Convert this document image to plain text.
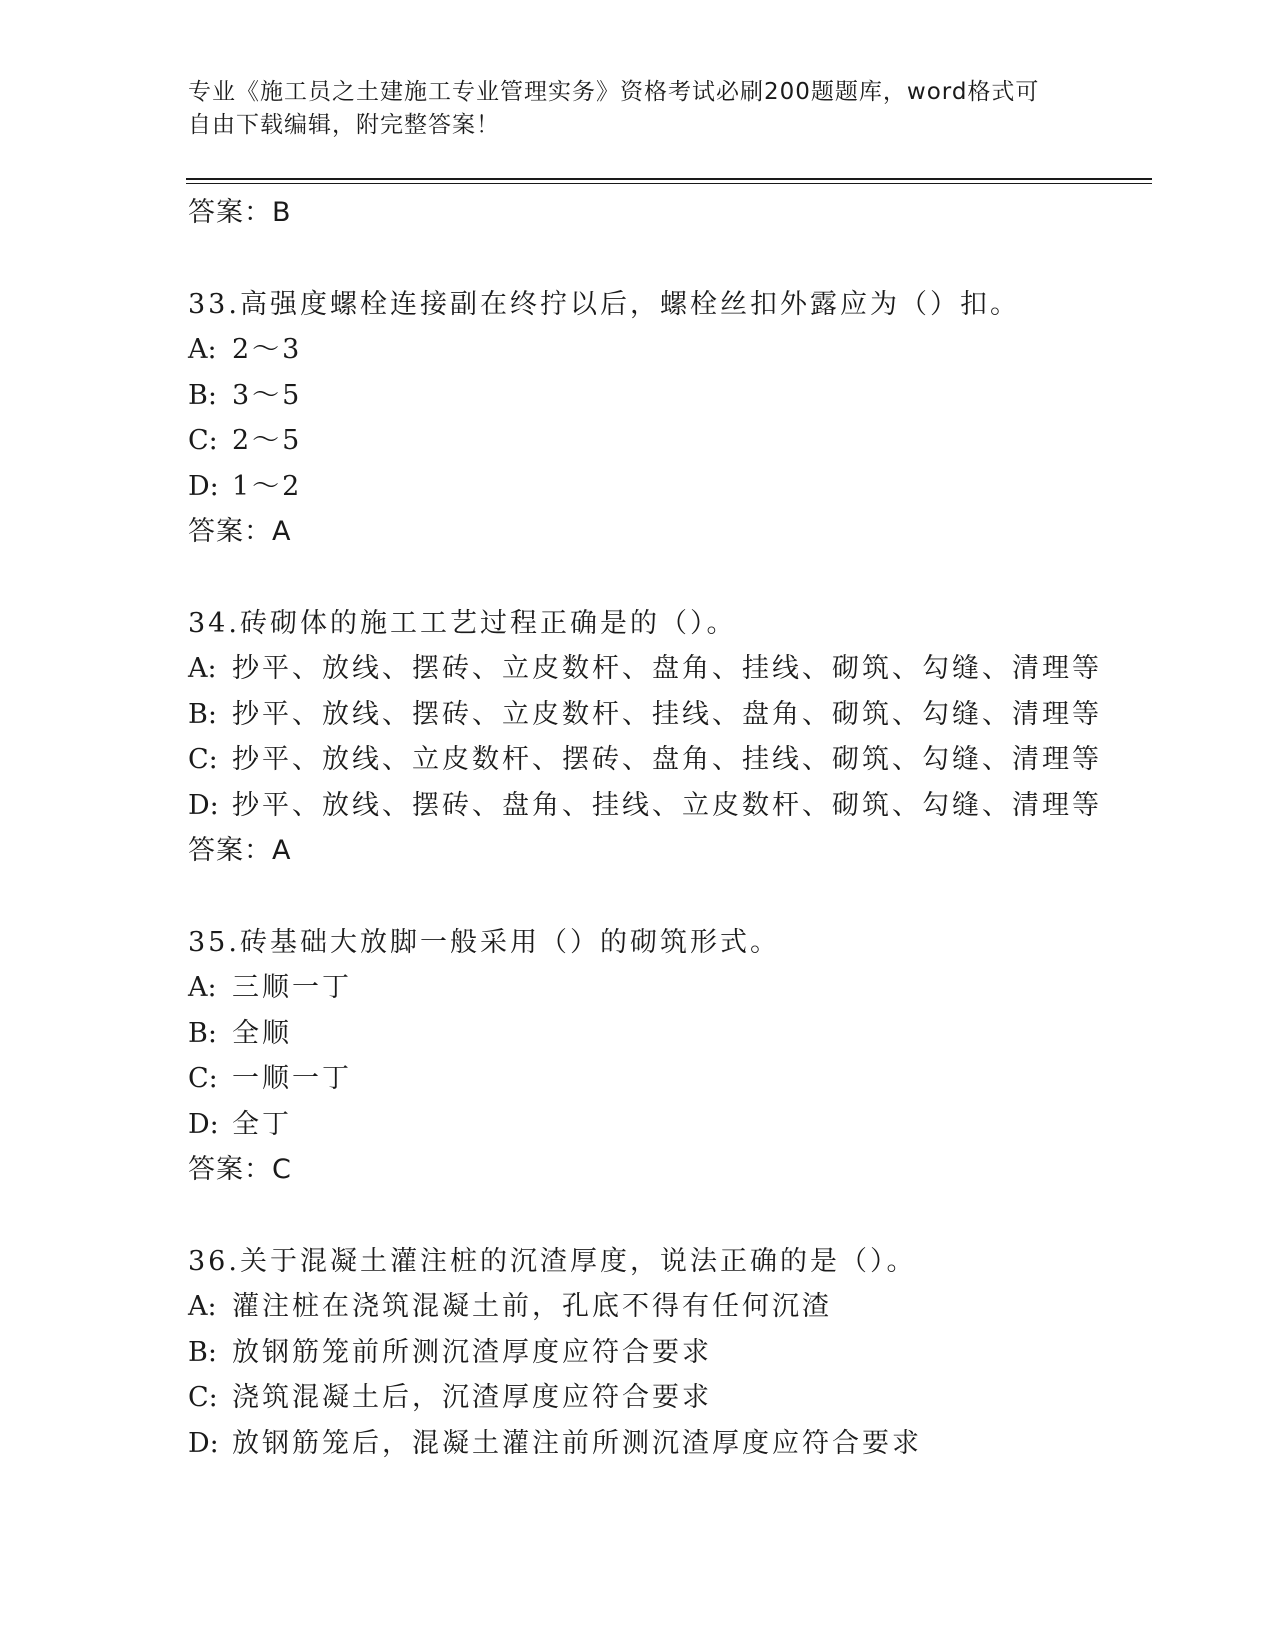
专业《施工员之土建施工专业管理实务》资格考试必刷200题题库，word格式可
自由下载编辑，附完整答案！
答案：B
33.高强度螺栓连接副在终拧以后，螺栓丝扣外露应为（）扣。
A: 2～3
B: 3～5
C: 2～5
D: 1～2
答案：A
34.砖砌体的施工工艺过程正确是的（）。
A: 抄平、放线、摆砖、立皮数杆、盘角、挂线、砌筑、勾缝、清理等
B: 抄平、放线、摆砖、立皮数杆、挂线、盘角、砌筑、勾缝、清理等
C: 抄平、放线、立皮数杆、摆砖、盘角、挂线、砌筑、勾缝、清理等
D: 抄平、放线、摆砖、盘角、挂线、立皮数杆、砌筑、勾缝、清理等
答案：A
35.砖基础大放脚一般采用（）的砌筑形式。
A: 三顺一丁
B: 全顺
C: 一顺一丁
D: 全丁
答案：C
36.关于混凝土灌注桩的沉渣厚度，说法正确的是（）。
A: 灌注桩在浇筑混凝土前，孔底不得有任何沉渣
B: 放钢筋笼前所测沉渣厚度应符合要求
C: 浇筑混凝土后，沉渣厚度应符合要求
D: 放钢筋笼后，混凝土灌注前所测沉渣厚度应符合要求
